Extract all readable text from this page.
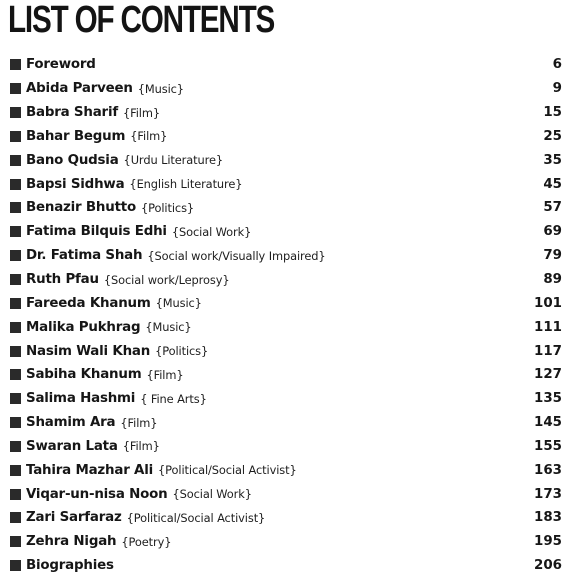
LIST OF CONTENTS
Foreword	6
Abida Parveen {Music}	9
Babra Sharif {Film}	15
Bahar Begum {Film}	25
Bano Qudsia {Urdu Literature}	35
Bapsi Sidhwa {English Literature}	45
Benazir Bhutto {Politics}	57
Fatima Bilquis Edhi {Social Work}	69
Dr. Fatima Shah {Social work/Visually Impaired}	79
Ruth Pfau {Social work/Leprosy}	89
Fareeda Khanum {Music}	101
Malika Pukhrag {Music}	111
Nasim Wali Khan {Politics}	117
Sabiha Khanum {Film}	127
Salima Hashmi { Fine Arts}	135
Shamim Ara {Film}	145
Swaran Lata {Film}	155
Tahira Mazhar Ali {Political/Social Activist}	163
Viqar-un-nisa Noon {Social Work}	173
Zari Sarfaraz {Political/Social Activist}	183
Zehra Nigah {Poetry}	195
Biographies	206
